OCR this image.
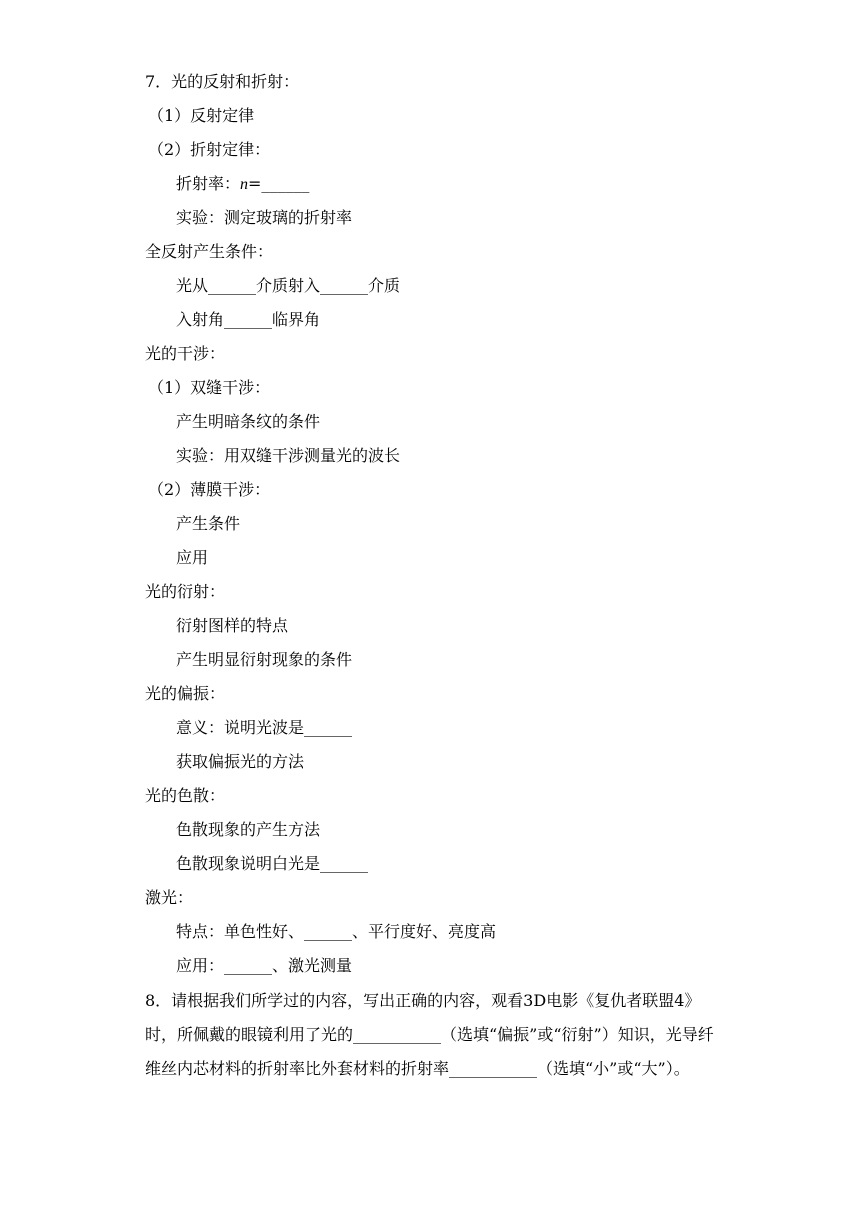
7．光的反射和折射：
（1）反射定律
（2）折射定律：
折射率：n=______
实验：测定玻璃的折射率
全反射产生条件：
光从______介质射入______介质
入射角______临界角
光的干涉：
（1）双缝干涉：
产生明暗条纹的条件
实验：用双缝干涉测量光的波长
（2）薄膜干涉：
产生条件
应用
光的衍射：
衍射图样的特点
产生明显衍射现象的条件
光的偏振：
意义：说明光波是______
获取偏振光的方法
光的色散：
色散现象的产生方法
色散现象说明白光是______
激光：
特点：单色性好、______、平行度好、亮度高
应用：______、激光测量
8．请根据我们所学过的内容，写出正确的内容，观看3D电影《复仇者联盟4》时，所佩戴的眼镜利用了光的___________（选填“偏振”或“衍射”）知识，光导纤维丝内芯材料的折射率比外套材料的折射率___________（选填“小”或“大”）。
